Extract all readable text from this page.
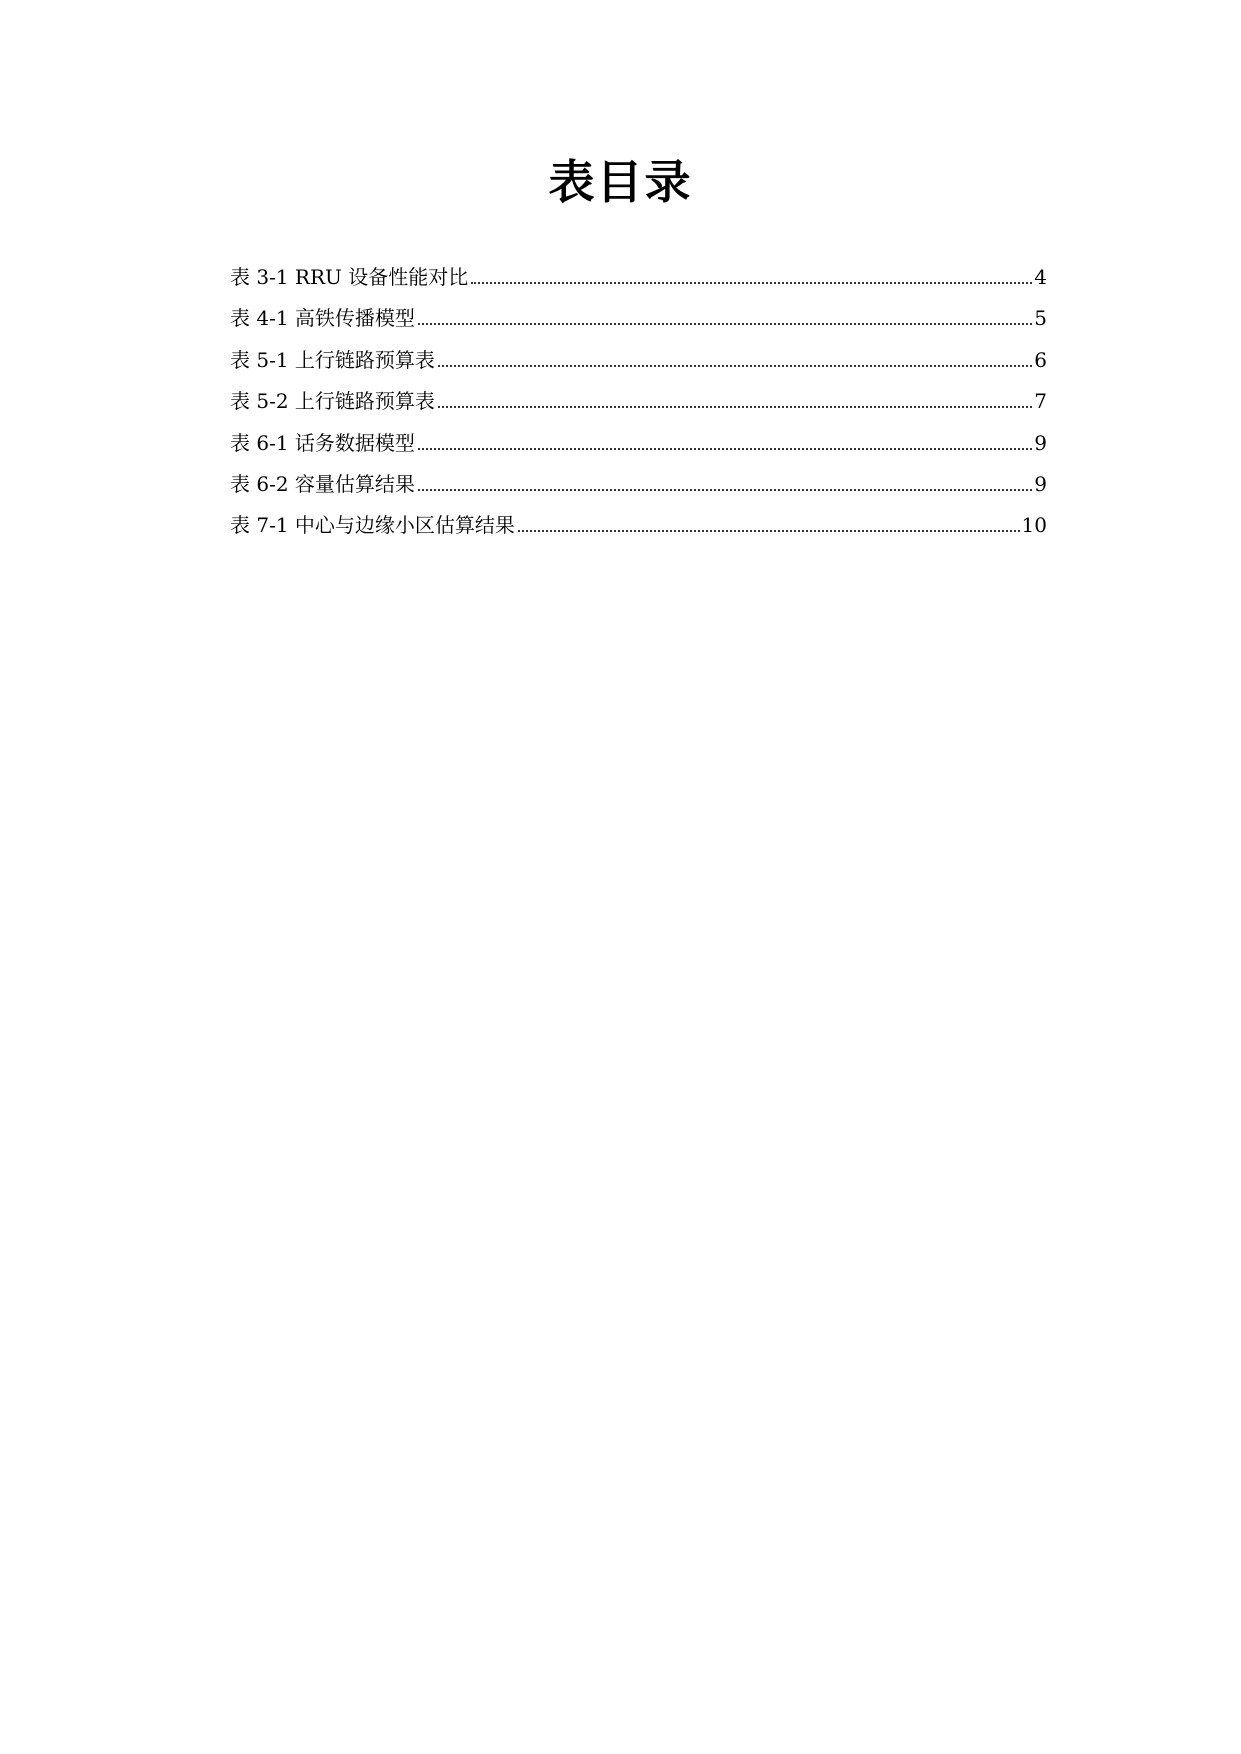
表目录
表 3-1 RRU 设备性能对比	4
表 4-1 高铁传播模型	5
表 5-1 上行链路预算表	6
表 5-2 上行链路预算表	7
表 6-1 话务数据模型	9
表 6-2 容量估算结果	9
表 7-1 中心与边缘小区估算结果	10
